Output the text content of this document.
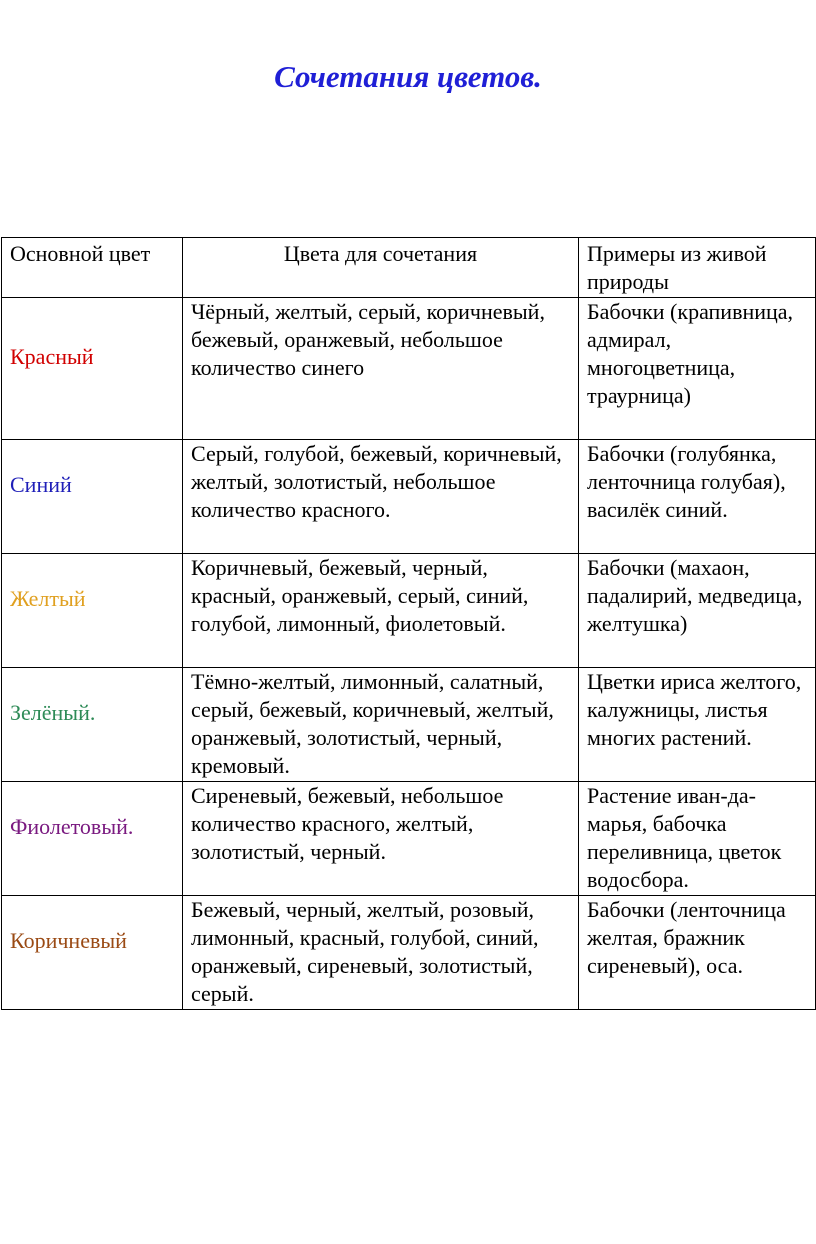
Сочетания цветов.
Основной цвет	Цвета для сочетания	Примеры из живой природы

Красный	Чёрный, желтый, серый, коричневый, бежевый, оранжевый, небольшое количество синего	Бабочки (крапивница, адмирал, многоцветница, траурница)

Синий	Серый, голубой, бежевый, коричневый, желтый, золотистый, небольшое количество красного.	Бабочки (голубянка, ленточница голубая), василёк синий.

Желтый	Коричневый, бежевый, черный, красный, оранжевый, серый, синий, голубой, лимонный, фиолетовый.	Бабочки (махаон, падалирий, медведица, желтушка)

Зелёный.	Тёмно-желтый, лимонный, салатный, серый, бежевый, коричневый, желтый, оранжевый, золотистый, черный, кремовый.	Цветки ириса желтого, калужницы, листья многих растений.

Фиолетовый.	Сиреневый, бежевый, небольшое количество красного, желтый, золотистый, черный.	Растение иван-да-марья, бабочка переливница, цветок водосбора.

Коричневый	Бежевый, черный, желтый, розовый, лимонный, красный, голубой, синий, оранжевый, сиреневый, золотистый, серый.	Бабочки (ленточница желтая, бражник сиреневый), оса.
